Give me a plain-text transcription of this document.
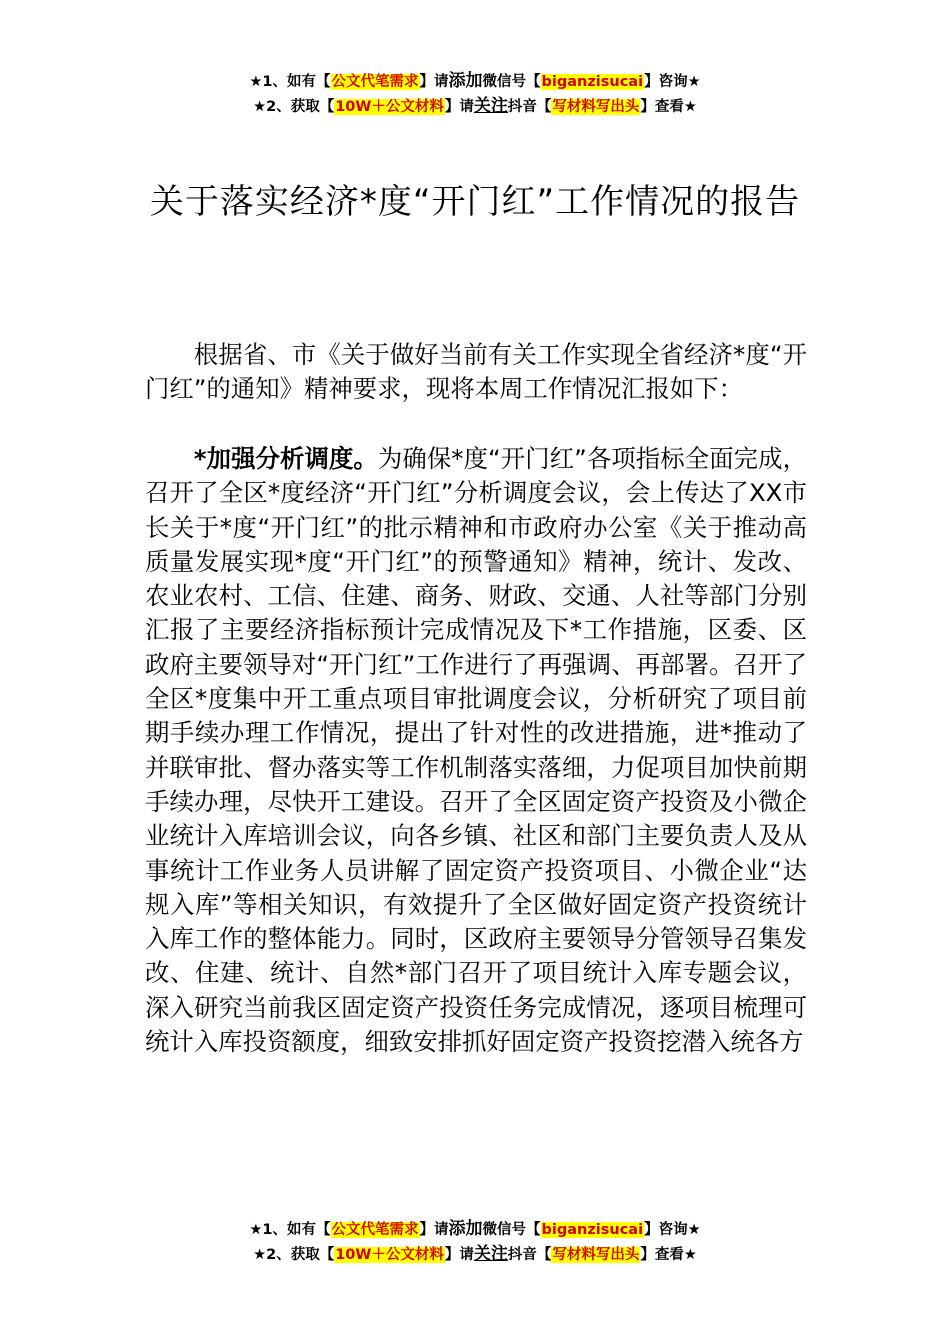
★1、如有【公文代笔需求】请添加微信号【biganzisucai】咨询★
★2、获取【10W＋公文材料】请关注抖音【写材料写出头】查看★
关于落实经济*度“开门红”工作情况的报告

根据省、市《关于做好当前有关工作实现全省经济*度“开门红”的通知》精神要求，现将本周工作情况汇报如下：

*加强分析调度。为确保*度“开门红”各项指标全面完成，召开了全区*度经济“开门红”分析调度会议，会上传达了XX市长关于*度“开门红”的批示精神和市政府办公室《关于推动高质量发展实现*度“开门红”的预警通知》精神，统计、发改、农业农村、工信、住建、商务、财政、交通、人社等部门分别汇报了主要经济指标预计完成情况及下*工作措施，区委、区政府主要领导对“开门红”工作进行了再强调、再部署。召开了全区*度集中开工重点项目审批调度会议，分析研究了项目前期手续办理工作情况，提出了针对性的改进措施，进*推动了并联审批、督办落实等工作机制落实落细，力促项目加快前期手续办理，尽快开工建设。召开了全区固定资产投资及小微企业统计入库培训会议，向各乡镇、社区和部门主要负责人及从事统计工作业务人员讲解了固定资产投资项目、小微企业“达规入库”等相关知识，有效提升了全区做好固定资产投资统计入库工作的整体能力。同时，区政府主要领导分管领导召集发改、住建、统计、自然*部门召开了项目统计入库专题会议，深入研究当前我区固定资产投资任务完成情况，逐项目梳理可统计入库投资额度，细致安排抓好固定资产投资挖潜入统各方

★1、如有【公文代笔需求】请添加微信号【biganzisucai】咨询★
★2、获取【10W＋公文材料】请关注抖音【写材料写出头】查看★
